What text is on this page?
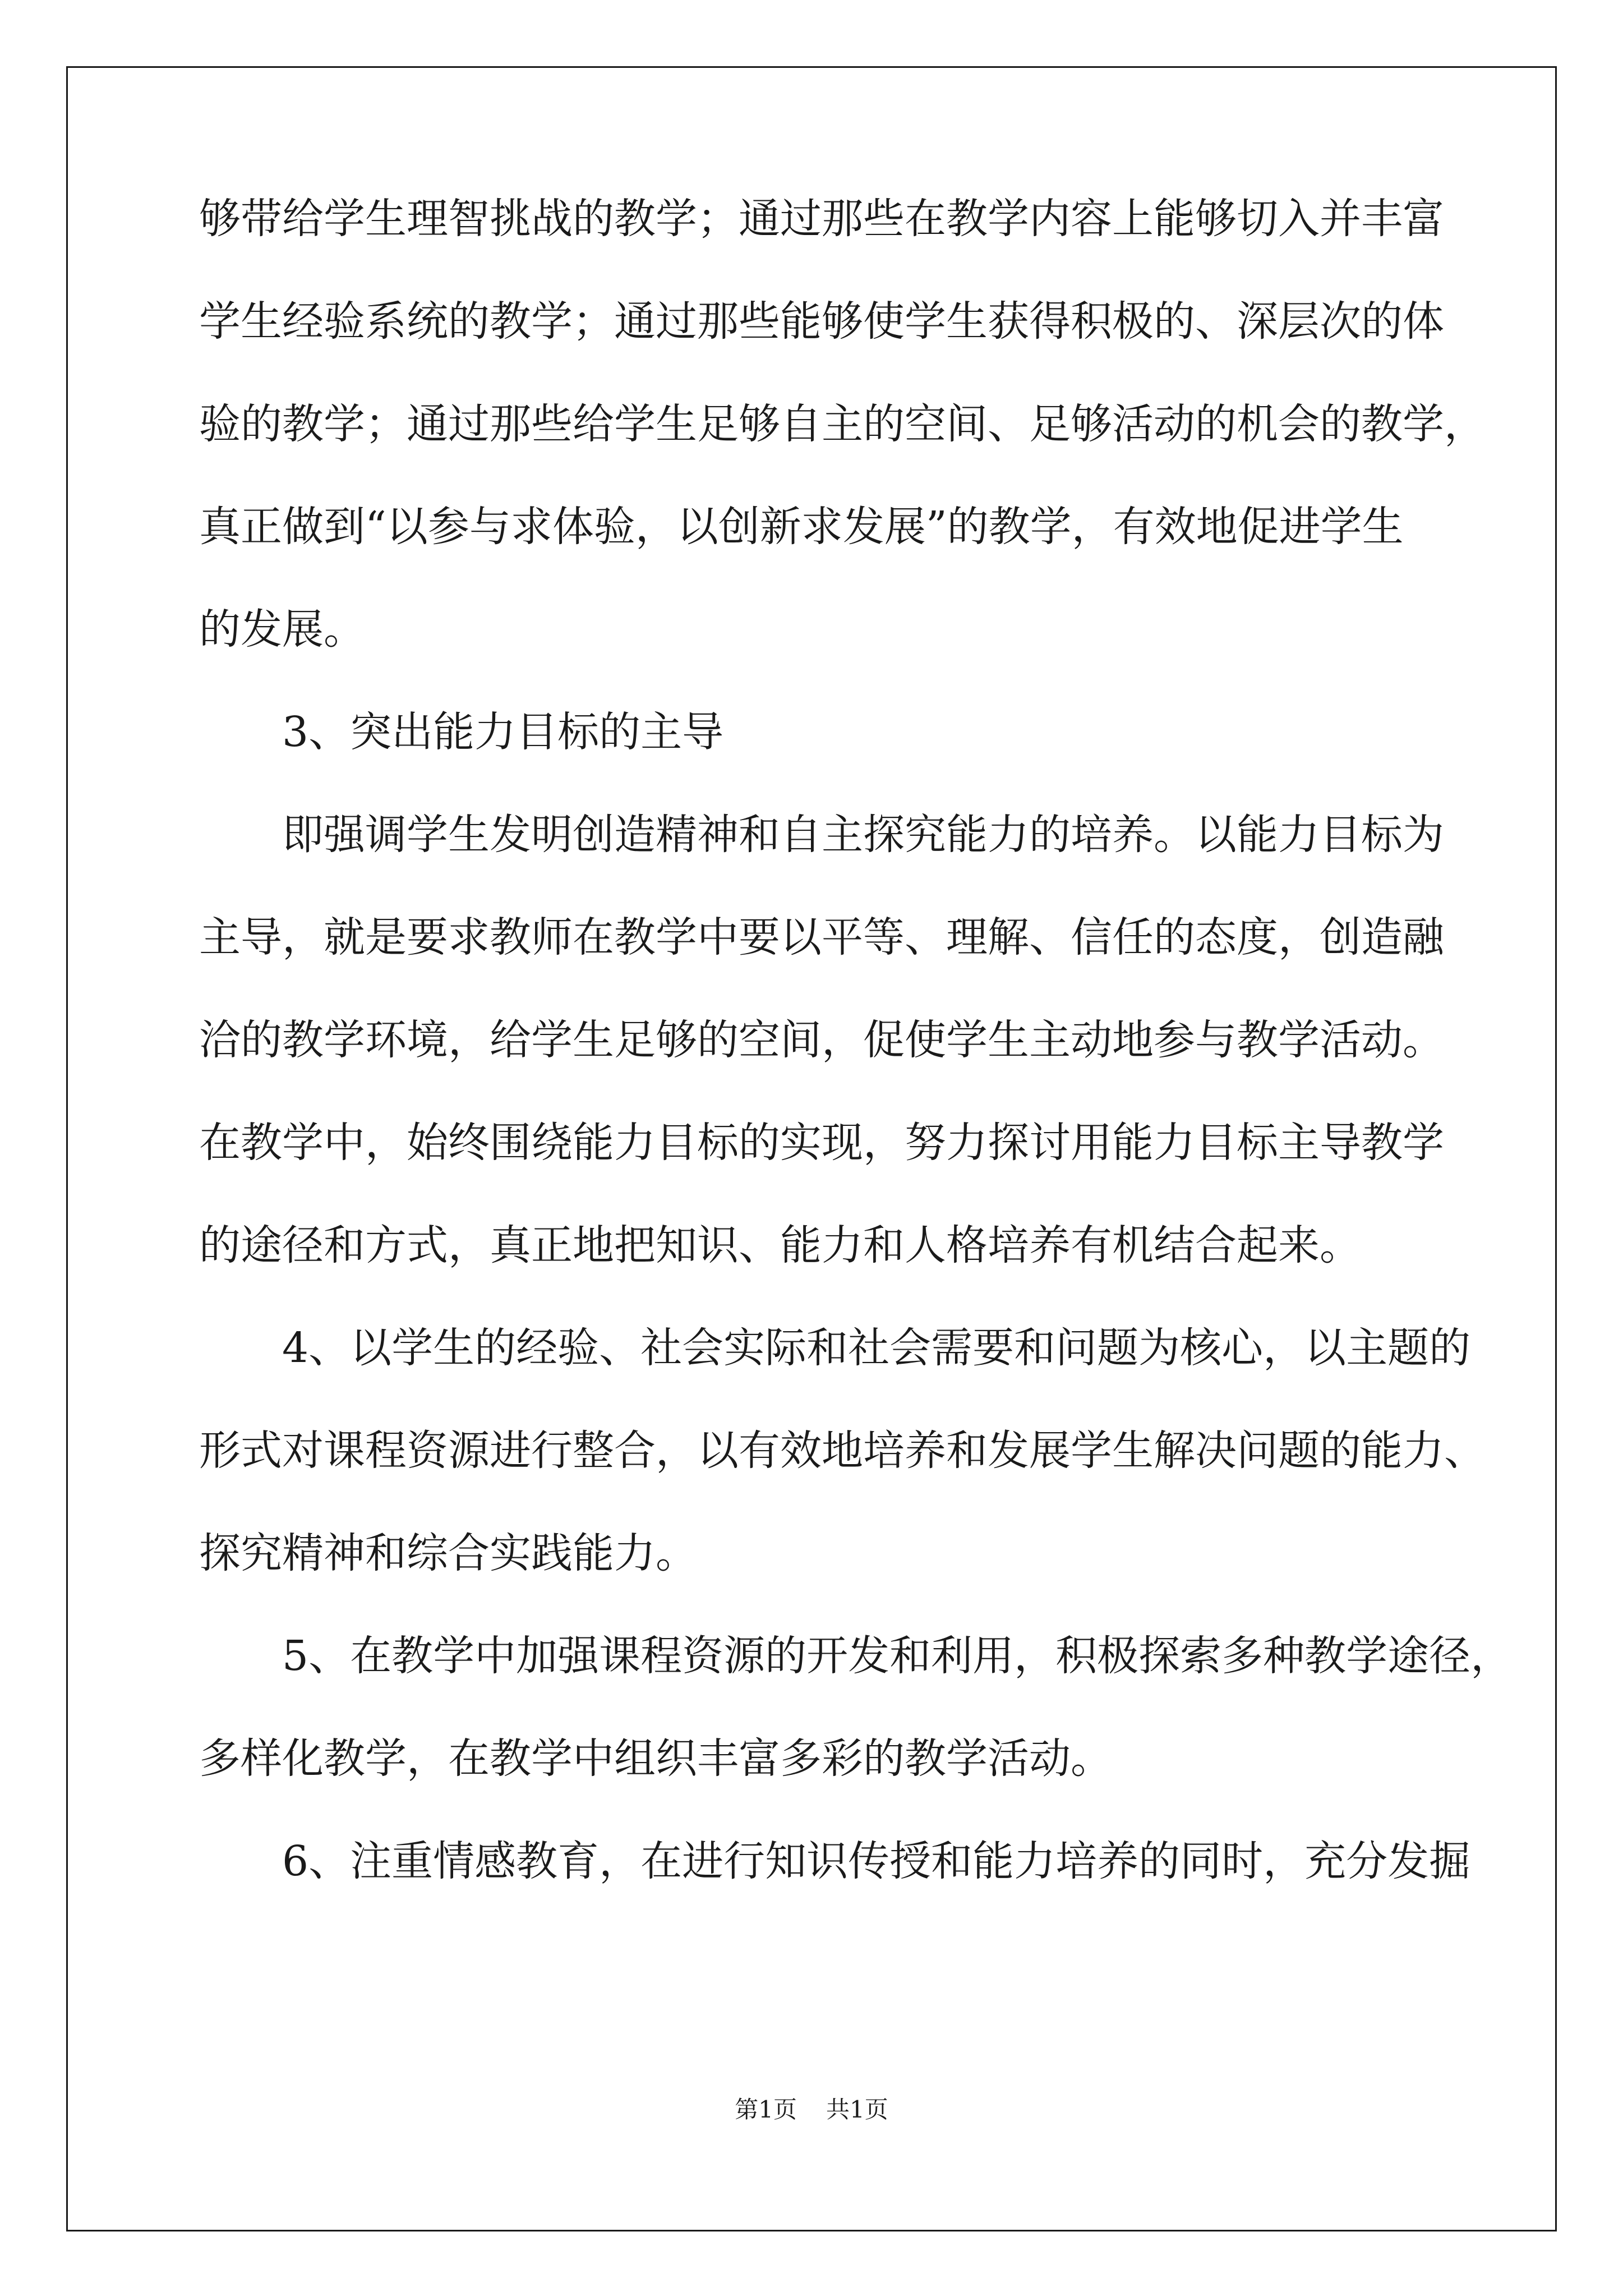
够带给学生理智挑战的教学；通过那些在教学内容上能够切入并丰富
学生经验系统的教学；通过那些能够使学生获得积极的、深层次的体
验的教学；通过那些给学生足够自主的空间、足够活动的机会的教学，
真正做到“以参与求体验，以创新求发展”的教学，有效地促进学生
的发展。
3、突出能力目标的主导
即强调学生发明创造精神和自主探究能力的培养。以能力目标为
主导，就是要求教师在教学中要以平等、理解、信任的态度，创造融
洽的教学环境，给学生足够的空间，促使学生主动地参与教学活动。
在教学中，始终围绕能力目标的实现，努力探讨用能力目标主导教学
的途径和方式，真正地把知识、能力和人格培养有机结合起来。
4、以学生的经验、社会实际和社会需要和问题为核心，以主题的
形式对课程资源进行整合，以有效地培养和发展学生解决问题的能力、
探究精神和综合实践能力。
5、在教学中加强课程资源的开发和利用，积极探索多种教学途径，
多样化教学，在教学中组织丰富多彩的教学活动。
6、注重情感教育，在进行知识传授和能力培养的同时，充分发掘
第1页 共1页
